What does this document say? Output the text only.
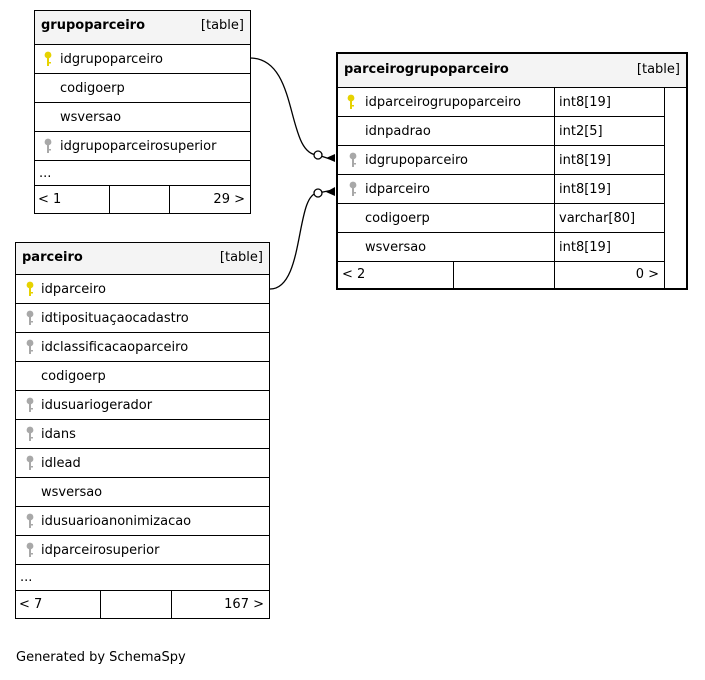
grupoparceiro	[table]
idgrupoparceiro
codigoerp
wsversao
idgrupoparceirosuperior
...
< 1	29 >
parceirogrupoparceiro	[table]
idparceirogrupoparceiro	int8[19]
idnpadrao	int2[5]
idgrupoparceiro	int8[19]
idparceiro	int8[19]
codigoerp	varchar[80]
wsversao	int8[19]
< 2	0 >
parceiro	[table]
idparceiro
idtiposituaçaocadastro
idclassificacaoparceiro
codigoerp
idusuariogerador
idans
idlead
wsversao
idusuarioanonimizacao
idparceirosuperior
...
< 7	167 >
Generated by SchemaSpy
